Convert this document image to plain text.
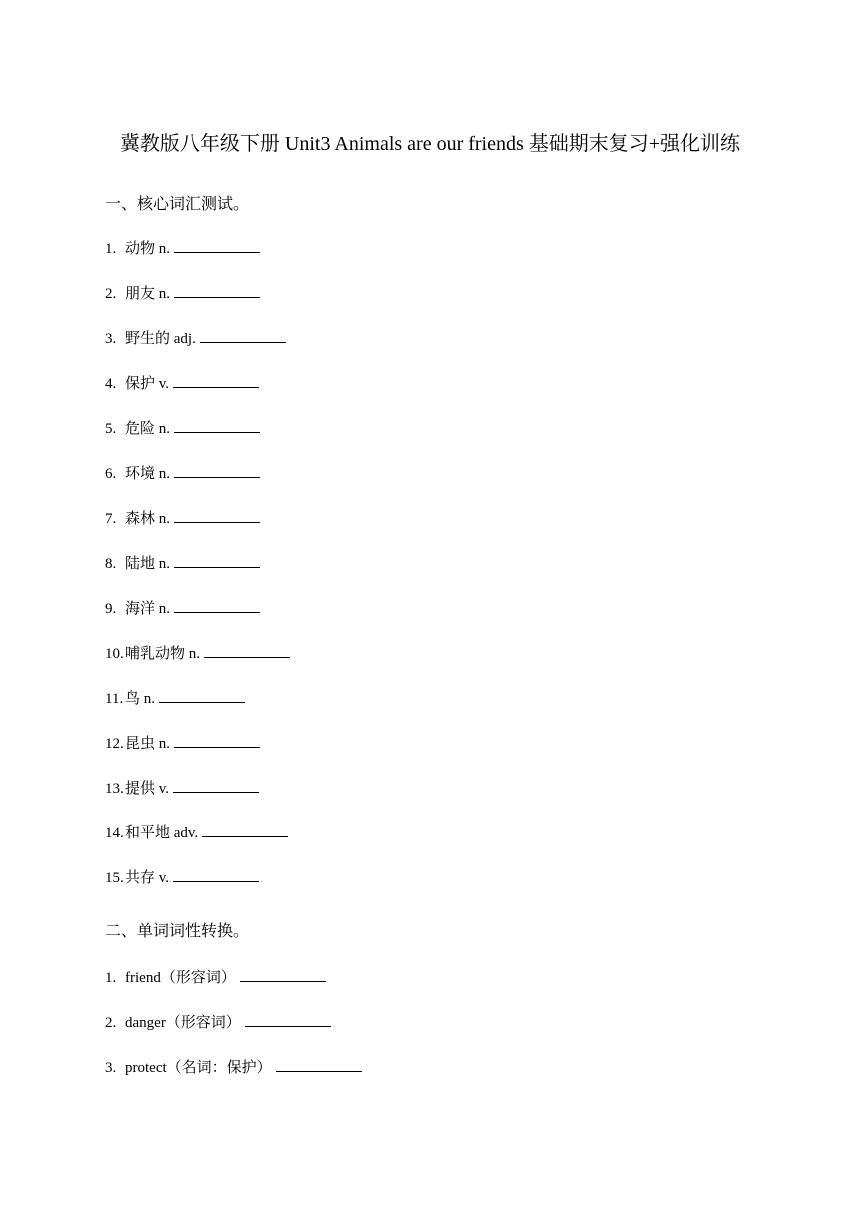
冀教版八年级下册 Unit3 Animals are our friends 基础期末复习+强化训练
一、核心词汇测试。
1. 动物 n.
2. 朋友 n.
3. 野生的 adj.
4. 保护 v.
5. 危险 n.
6. 环境 n.
7. 森林 n.
8. 陆地 n.
9. 海洋 n.
10. 哺乳动物 n.
11. 鸟 n.
12. 昆虫 n.
13. 提供 v.
14. 和平地 adv.
15. 共存 v.
二、单词词性转换。
1. friend（形容词）
2. danger（形容词）
3. protect（名词：保护）
